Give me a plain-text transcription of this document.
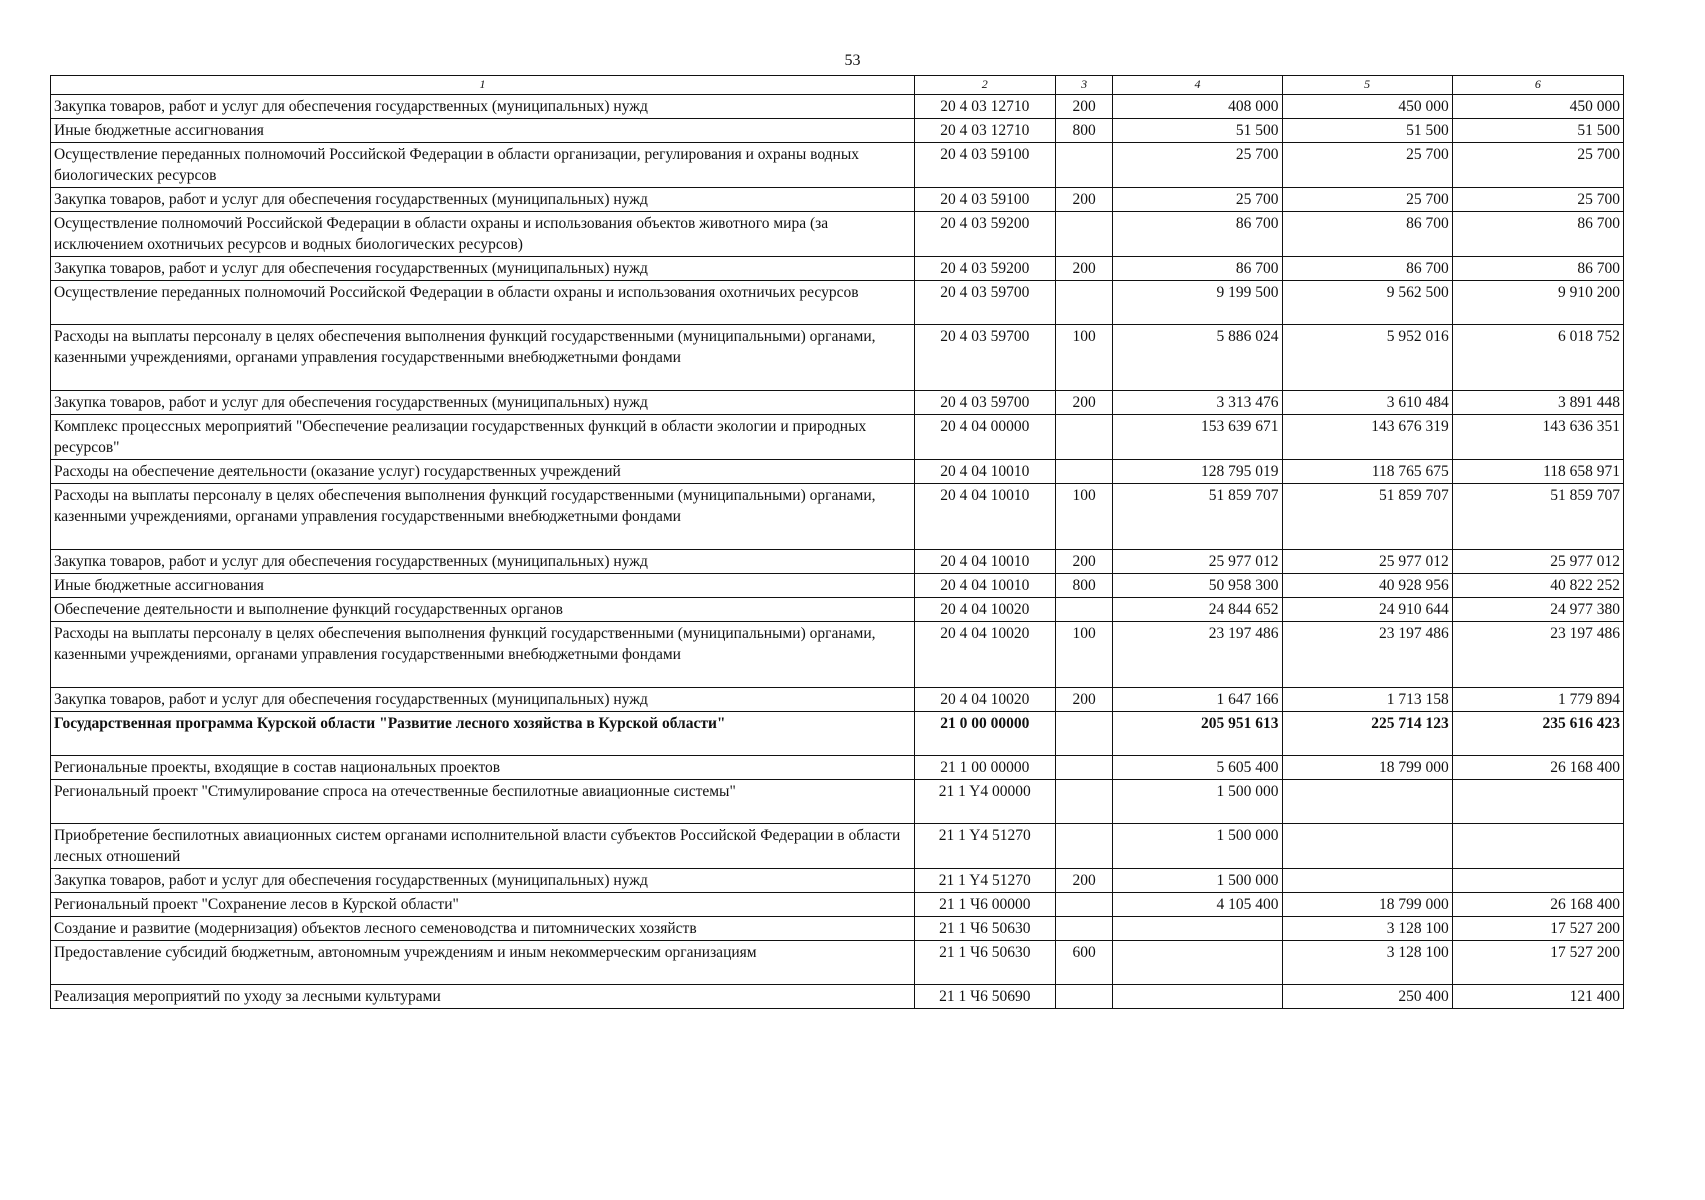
53
1	2	3	4	5	6
Закупка товаров, работ и услуг для обеспечения государственных (муниципальных) нужд	20 4 03 12710	200	408 000	450 000	450 000
Иные бюджетные ассигнования	20 4 03 12710	800	51 500	51 500	51 500
Осуществление переданных полномочий Российской Федерации в области организации, регулирования и охраны водных биологических ресурсов	20 4 03 59100		25 700	25 700	25 700
Закупка товаров, работ и услуг для обеспечения государственных (муниципальных) нужд	20 4 03 59100	200	25 700	25 700	25 700
Осуществление полномочий Российской Федерации в области охраны и использования объектов животного мира (за исключением охотничьих ресурсов и водных биологических ресурсов)	20 4 03 59200		86 700	86 700	86 700
Закупка товаров, работ и услуг для обеспечения государственных (муниципальных) нужд	20 4 03 59200	200	86 700	86 700	86 700
Осуществление переданных полномочий Российской Федерации в области охраны и использования охотничьих ресурсов	20 4 03 59700		9 199 500	9 562 500	9 910 200
Расходы на выплаты персоналу в целях обеспечения выполнения функций государственными (муниципальными) органами, казенными учреждениями, органами управления государственными внебюджетными фондами	20 4 03 59700	100	5 886 024	5 952 016	6 018 752
Закупка товаров, работ и услуг для обеспечения государственных (муниципальных) нужд	20 4 03 59700	200	3 313 476	3 610 484	3 891 448
Комплекс процессных мероприятий "Обеспечение реализации государственных функций в области экологии и природных ресурсов"	20 4 04 00000		153 639 671	143 676 319	143 636 351
Расходы на обеспечение деятельности (оказание услуг) государственных учреждений	20 4 04 10010		128 795 019	118 765 675	118 658 971
Расходы на выплаты персоналу в целях обеспечения выполнения функций государственными (муниципальными) органами, казенными учреждениями, органами управления государственными внебюджетными фондами	20 4 04 10010	100	51 859 707	51 859 707	51 859 707
Закупка товаров, работ и услуг для обеспечения государственных (муниципальных) нужд	20 4 04 10010	200	25 977 012	25 977 012	25 977 012
Иные бюджетные ассигнования	20 4 04 10010	800	50 958 300	40 928 956	40 822 252
Обеспечение деятельности и выполнение функций государственных органов	20 4 04 10020		24 844 652	24 910 644	24 977 380
Расходы на выплаты персоналу в целях обеспечения выполнения функций государственными (муниципальными) органами, казенными учреждениями, органами управления государственными внебюджетными фондами	20 4 04 10020	100	23 197 486	23 197 486	23 197 486
Закупка товаров, работ и услуг для обеспечения государственных (муниципальных) нужд	20 4 04 10020	200	1 647 166	1 713 158	1 779 894
Государственная программа Курской области "Развитие лесного хозяйства в Курской области"	21 0 00 00000		205 951 613	225 714 123	235 616 423
Региональные проекты, входящие в состав национальных проектов	21 1 00 00000		5 605 400	18 799 000	26 168 400
Региональный проект "Стимулирование спроса на отечественные беспилотные авиационные системы"	21 1 Y4 00000		1 500 000		
Приобретение беспилотных авиационных систем органами исполнительной власти субъектов Российской Федерации в области лесных отношений	21 1 Y4 51270		1 500 000		
Закупка товаров, работ и услуг для обеспечения государственных (муниципальных) нужд	21 1 Y4 51270	200	1 500 000		
Региональный проект "Сохранение лесов в Курской области"	21 1 Ч6 00000		4 105 400	18 799 000	26 168 400
Создание и развитие (модернизация) объектов лесного семеноводства и питомнических хозяйств	21 1 Ч6 50630			3 128 100	17 527 200
Предоставление субсидий бюджетным, автономным учреждениям и иным некоммерческим организациям	21 1 Ч6 50630	600		3 128 100	17 527 200
Реализация мероприятий по уходу за лесными культурами	21 1 Ч6 50690			250 400	121 400
